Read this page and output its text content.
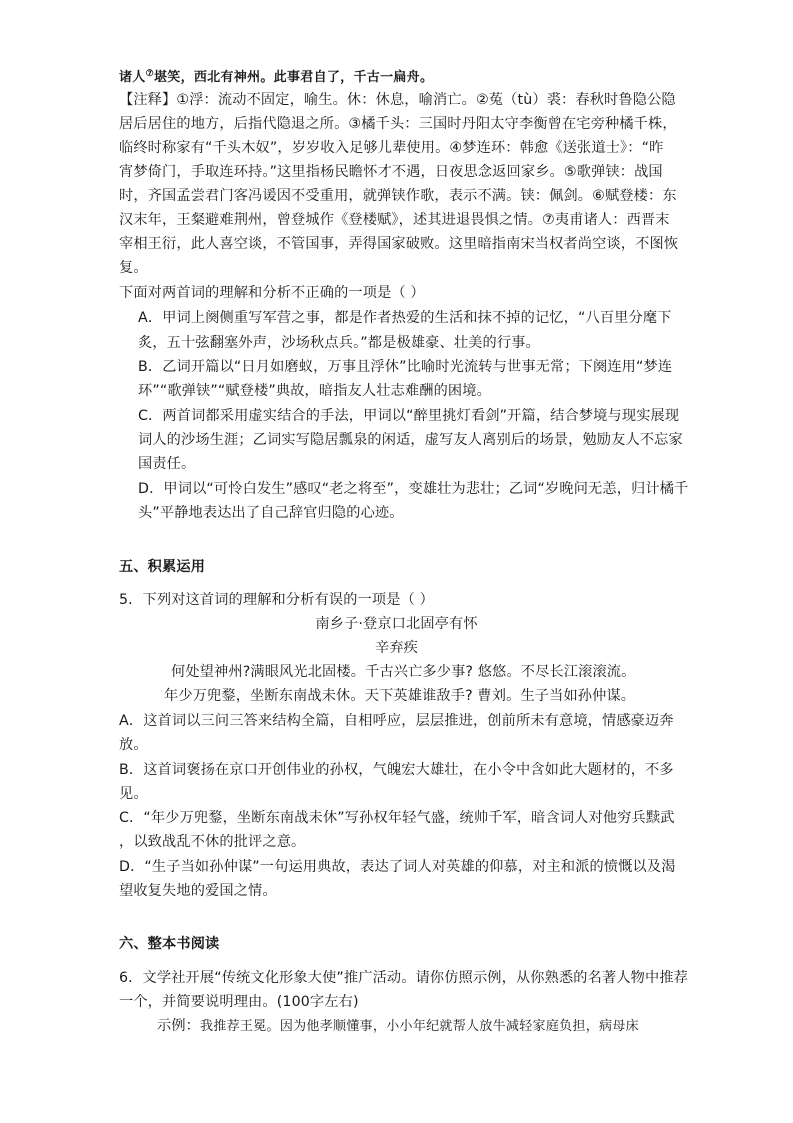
诸人⑦堪笑，西北有神州。此事君自了，千古一扁舟。
【注释】①浮：流动不固定，喻生。休：休息，喻消亡。②菟（tù）裘：春秋时鲁隐公隐
居后居住的地方，后指代隐退之所。③橘千头：三国时丹阳太守李衡曾在宅旁种橘千株，
临终时称家有“千头木奴”，岁岁收入足够儿辈使用。④梦连环：韩愈《送张道士》：“昨
宵梦倚门，手取连环持。”这里指杨民瞻怀才不遇，日夜思念返回家乡。⑤歌弹铗：战国
时，齐国孟尝君门客冯谖因不受重用，就弹铗作歌，表示不满。铗：佩剑。⑥赋登楼：东
汉末年，王粲避难荆州，曾登城作《登楼赋》，述其进退畏惧之情。⑦夷甫诸人：西晋末
宰相王衍，此人喜空谈，不管国事，弄得国家破败。这里暗指南宋当权者尚空谈，不图恢
复。
下面对两首词的理解和分析不正确的一项是（ ）
A．甲词上阕侧重写军营之事，都是作者热爱的生活和抹不掉的记忆，“八百里分麾下
炙，五十弦翻塞外声，沙场秋点兵。”都是极雄豪、壮美的行事。
B．乙词开篇以“日月如磨蚁，万事且浮休”比喻时光流转与世事无常；下阕连用“梦连
环”“歌弹铗”“赋登楼”典故，暗指友人壮志难酬的困境。
C．两首词都采用虚实结合的手法，甲词以“醉里挑灯看剑”开篇，结合梦境与现实展现
词人的沙场生涯；乙词实写隐居瓢泉的闲适，虚写友人离别后的场景，勉励友人不忘家
国责任。
D．甲词以“可怜白发生”感叹“老之将至”，变雄壮为悲壮；乙词“岁晚问无恙，归计橘千
头”平静地表达出了自己辞官归隐的心迹。
五、积累运用
5．下列对这首词的理解和分析有误的一项是（ ）
南乡子·登京口北固亭有怀
辛弃疾
何处望神州?满眼风光北固楼。千古兴亡多少事? 悠悠。不尽长江滚滚流。
年少万兜鍪，坐断东南战未休。天下英雄谁敌手? 曹刘。生子当如孙仲谋。
A．这首词以三问三答来结构全篇，自相呼应，层层推进，创前所未有意境，情感豪迈奔
放。
B．这首词褒扬在京口开创伟业的孙权，气魄宏大雄壮，在小令中含如此大题材的，不多
见。
C．“年少万兜鍪，坐断东南战未休”写孙权年轻气盛，统帅千军，暗含词人对他穷兵黩武
，以致战乱不休的批评之意。
D．“生子当如孙仲谋”一句运用典故，表达了词人对英雄的仰慕，对主和派的愤慨以及渴
望收复失地的爱国之情。
六、整本书阅读
6．文学社开展“传统文化形象大使”推广活动。请你仿照示例，从你熟悉的名著人物中推荐
一个，并简要说明理由。(100字左右)
示例：我推荐王冕。因为他孝顺懂事，小小年纪就帮人放牛减轻家庭负担，病母床
